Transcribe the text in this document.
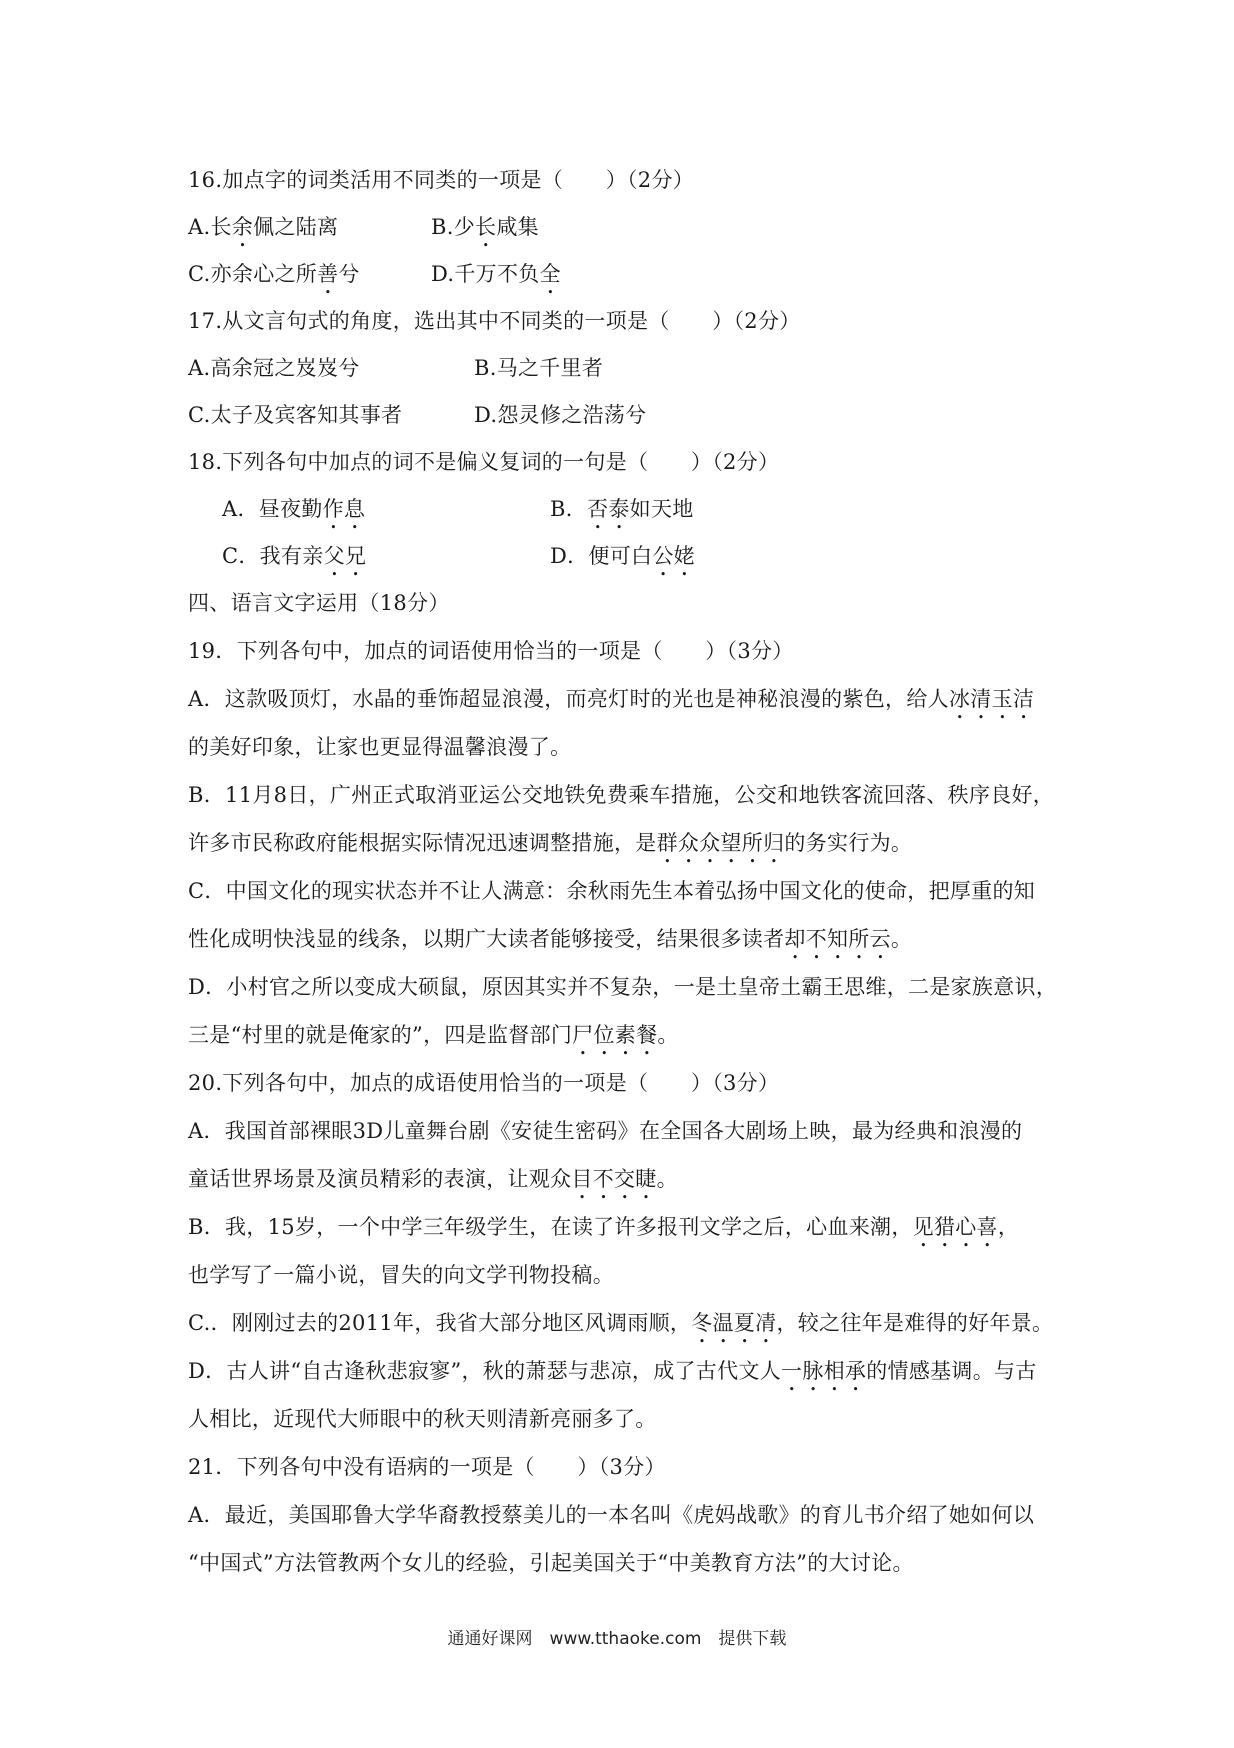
16.加点字的词类活用不同类的一项是（　　）（2分）
A.长余佩之陆离	B.少长咸集
C.亦余心之所善兮	D.千万不负全
17.从文言句式的角度，选出其中不同类的一项是（　　）（2分）
A.高余冠之岌岌兮	B.马之千里者
C.太子及宾客知其事者	D.怨灵修之浩荡兮
18.下列各句中加点的词不是偏义复词的一句是（　　）（2分）
A．昼夜勤作息	B．否泰如天地
C．我有亲父兄	D．便可白公姥
四、语言文字运用（18分）
19．下列各句中，加点的词语使用恰当的一项是（　　）（3分）
A．这款吸顶灯，水晶的垂饰超显浪漫，而亮灯时的光也是神秘浪漫的紫色，给人冰清玉洁
的美好印象，让家也更显得温馨浪漫了。
B．11月8日，广州正式取消亚运公交地铁免费乘车措施，公交和地铁客流回落、秩序良好，
许多市民称政府能根据实际情况迅速调整措施，是群众众望所归的务实行为。
C．中国文化的现实状态并不让人满意：余秋雨先生本着弘扬中国文化的使命，把厚重的知
性化成明快浅显的线条，以期广大读者能够接受，结果很多读者却不知所云。
D．小村官之所以变成大硕鼠，原因其实并不复杂，一是土皇帝土霸王思维，二是家族意识，
三是“村里的就是俺家的”，四是监督部门尸位素餐。
20.下列各句中，加点的成语使用恰当的一项是（　　）（3分）
A．我国首部裸眼3D儿童舞台剧《安徒生密码》在全国各大剧场上映，最为经典和浪漫的
童话世界场景及演员精彩的表演，让观众目不交睫。
B．我，15岁，一个中学三年级学生，在读了许多报刊文学之后，心血来潮，见猎心喜，
也学写了一篇小说，冒失的向文学刊物投稿。
C.．刚刚过去的2011年，我省大部分地区风调雨顺，冬温夏凊，较之往年是难得的好年景。
D．古人讲“自古逢秋悲寂寥”，秋的萧瑟与悲凉，成了古代文人一脉相承的情感基调。与古
人相比，近现代大师眼中的秋天则清新亮丽多了。
21．下列各句中没有语病的一项是（　　）（3分）
A．最近，美国耶鲁大学华裔教授蔡美儿的一本名叫《虎妈战歌》的育儿书介绍了她如何以
“中国式”方法管教两个女儿的经验，引起美国关于“中美教育方法”的大讨论。
通通好课网　www.tthaoke.com　提供下载
